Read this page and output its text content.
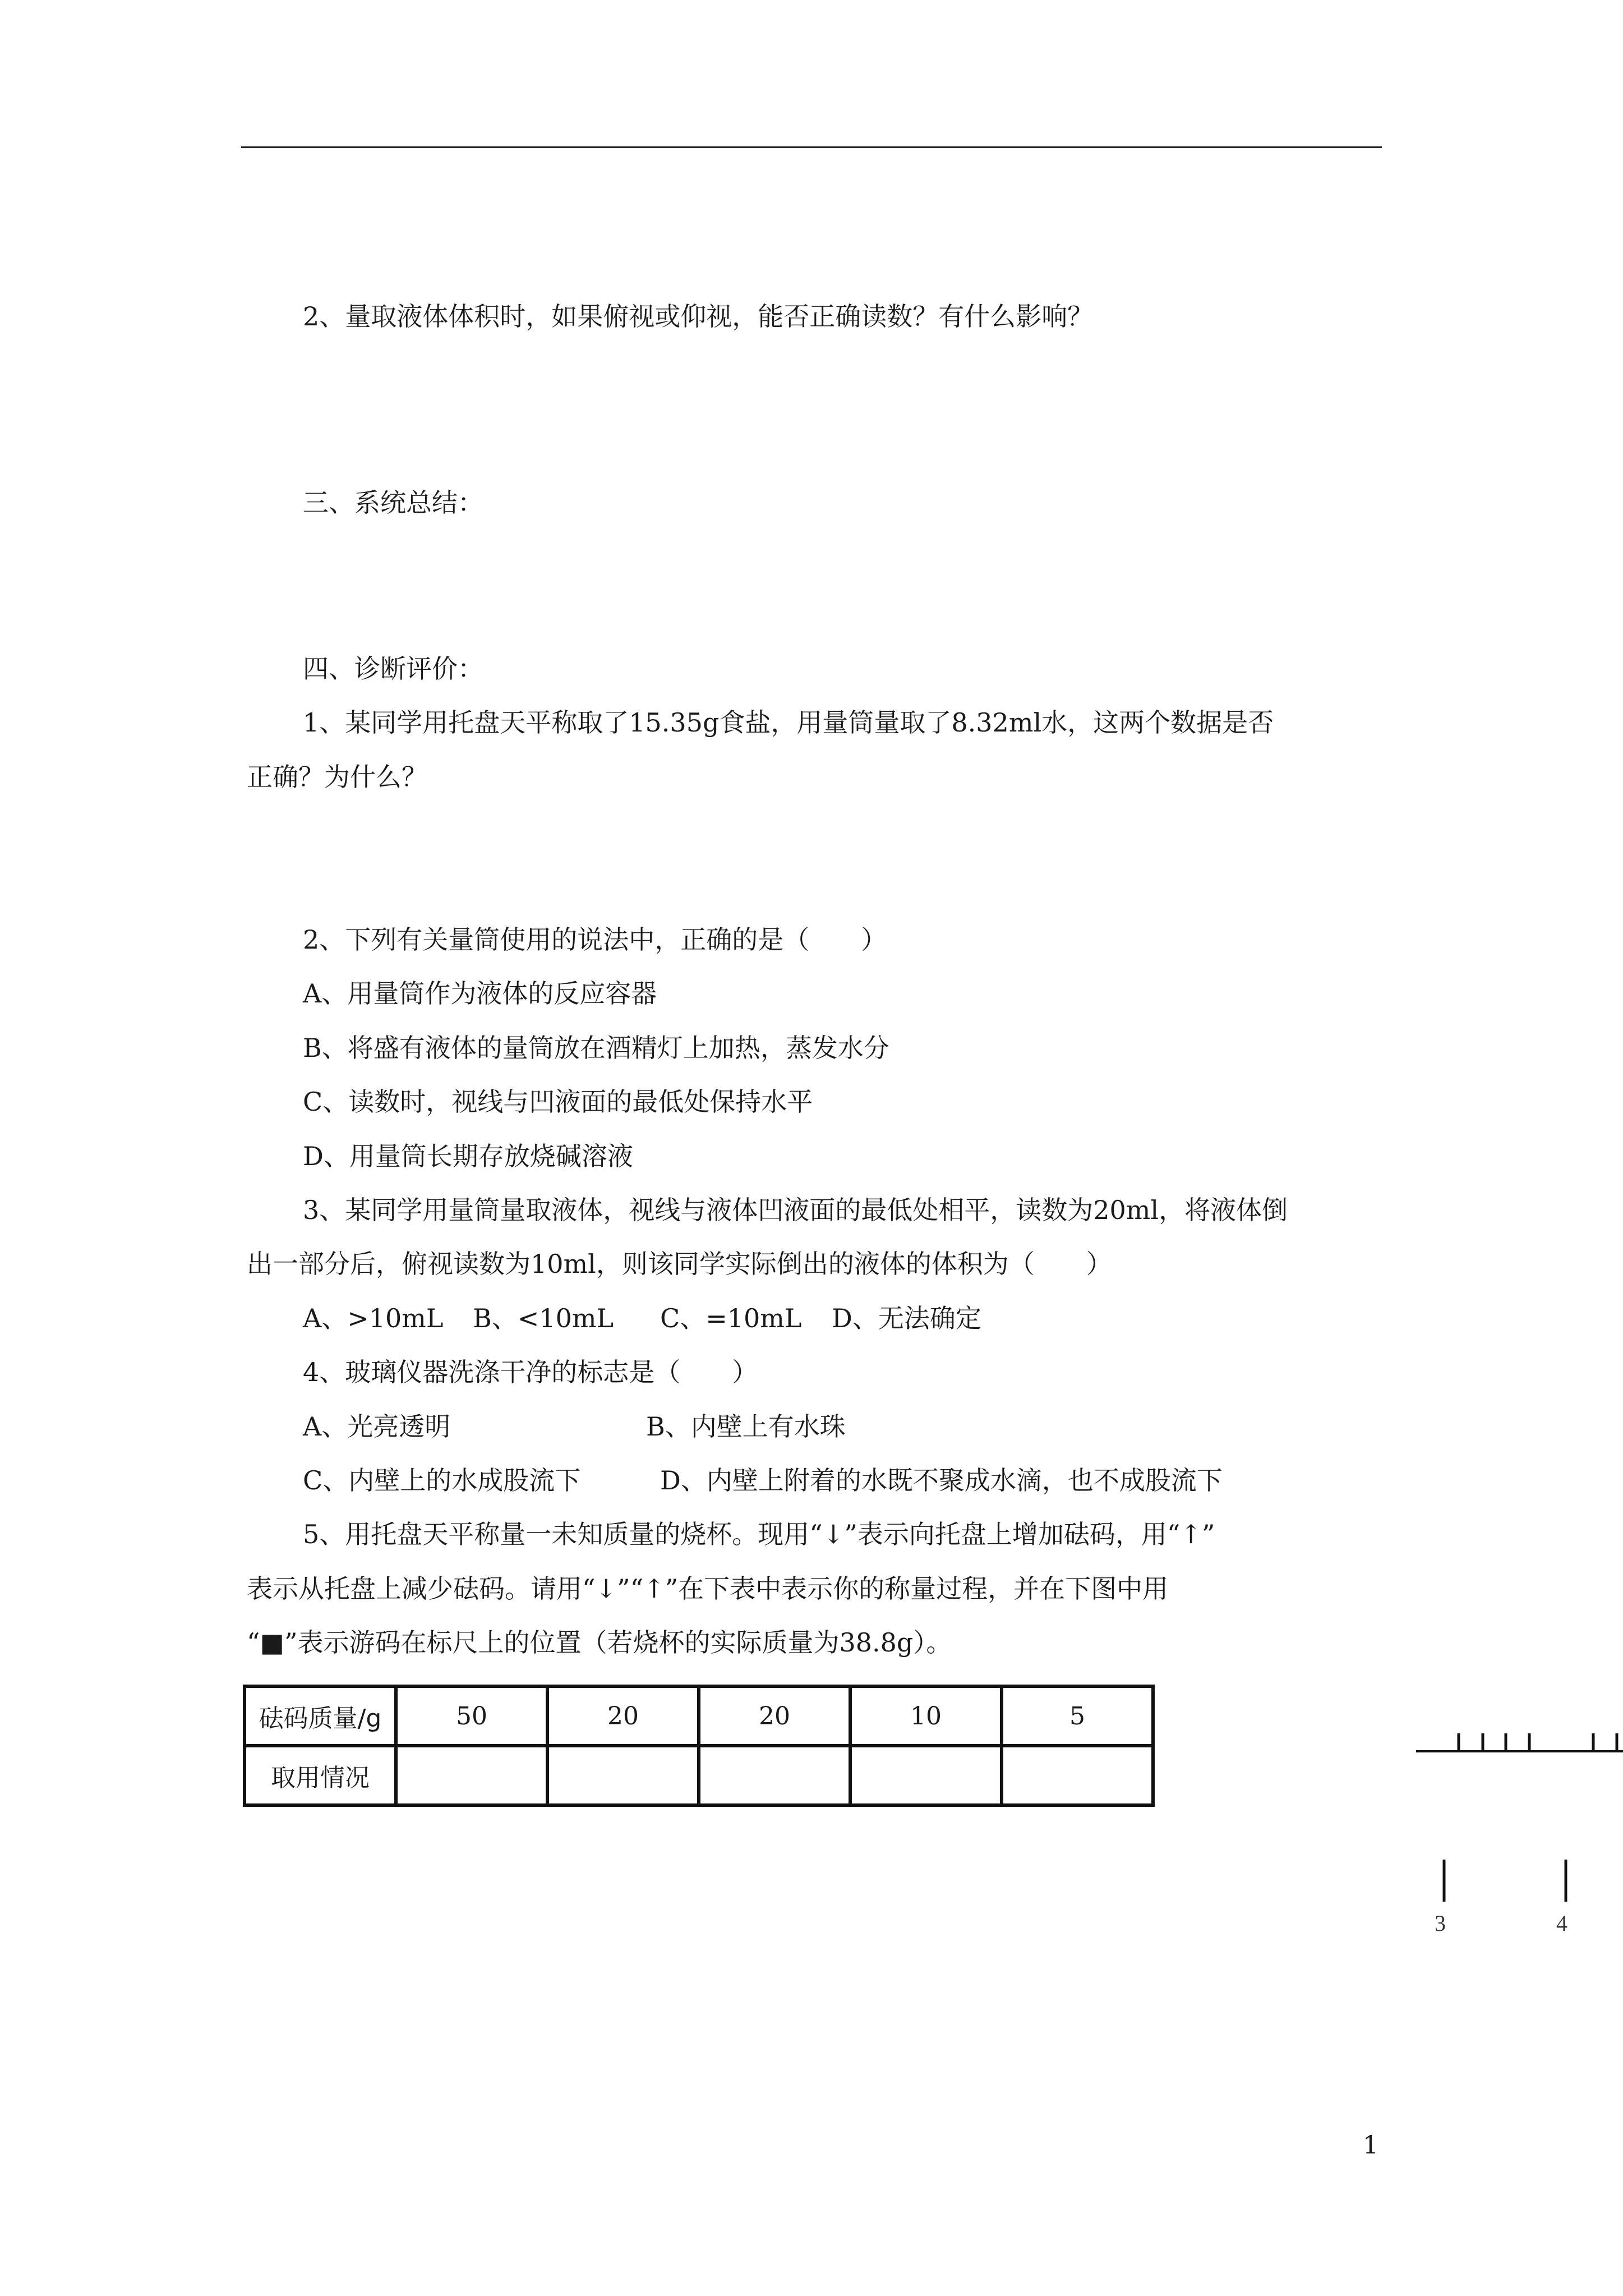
2、量取液体体积时，如果俯视或仰视，能否正确读数？有什么影响？
三、系统总结：
四、诊断评价：
1、某同学用托盘天平称取了15.35g食盐，用量筒量取了8.32ml水，这两个数据是否
正确？为什么？
2、下列有关量筒使用的说法中，正确的是（　　）
A、用量筒作为液体的反应容器
B、将盛有液体的量筒放在酒精灯上加热，蒸发水分
C、读数时，视线与凹液面的最低处保持水平
D、用量筒长期存放烧碱溶液
3、某同学用量筒量取液体，视线与液体凹液面的最低处相平，读数为20ml，将液体倒
出一部分后，俯视读数为10ml，则该同学实际倒出的液体的体积为（　　）
A、>10mL B、<10mL C、=10mL D、无法确定
4、玻璃仪器洗涤干净的标志是（　　）
A、光亮透明	B、内壁上有水珠
C、内壁上的水成股流下	D、内壁上附着的水既不聚成水滴，也不成股流下
5、用托盘天平称量一未知质量的烧杯。现用“↓”表示向托盘上增加砝码，用“↑”
表示从托盘上减少砝码。请用“↓”“↑”在下表中表示你的称量过程，并在下图中用
“■”表示游码在标尺上的位置（若烧杯的实际质量为38.8g）。
砝码质量/g	50	20	20	10	5
取用情况					
3	4
1
